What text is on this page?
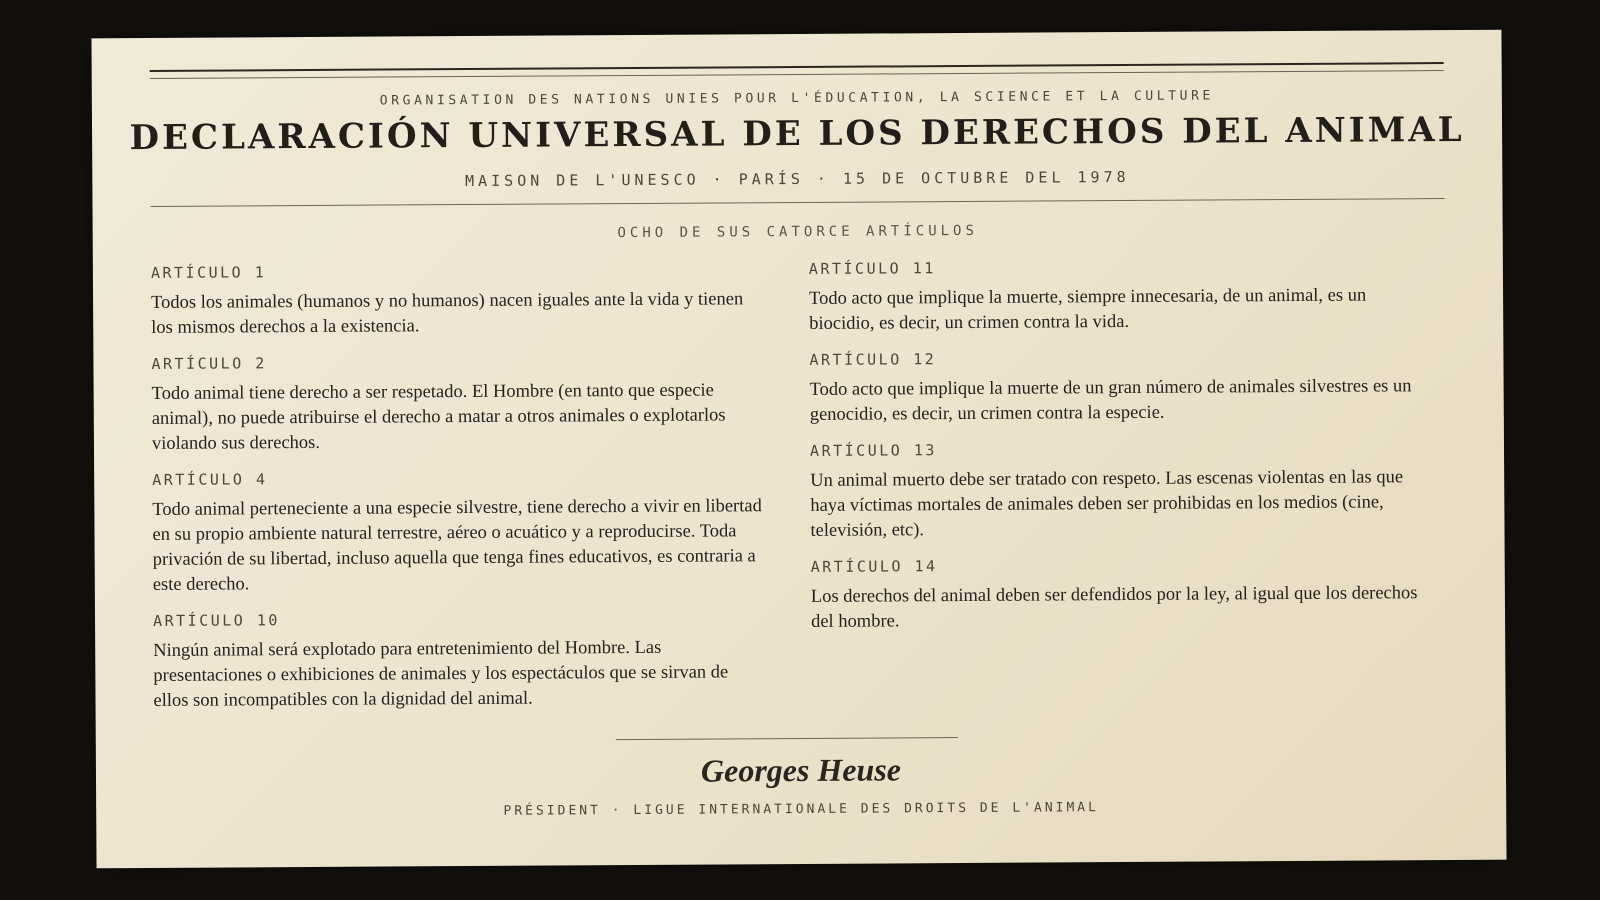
ORGANISATION DES NATIONS UNIES POUR L'ÉDUCATION, LA SCIENCE ET LA CULTURE
DECLARACIÓN UNIVERSAL DE LOS DERECHOS DEL ANIMAL
MAISON DE L'UNESCO · PARÍS · 15 DE OCTUBRE DEL 1978
OCHO DE SUS CATORCE ARTÍCULOS
ARTÍCULO 1
Todos los animales (humanos y no humanos) nacen iguales ante la vida y tienen los mismos derechos a la existencia.
ARTÍCULO 2
Todo animal tiene derecho a ser respetado. El Hombre (en tanto que especie animal), no puede atribuirse el derecho a matar a otros animales o explotarlos violando sus derechos.
ARTÍCULO 4
Todo animal perteneciente a una especie silvestre, tiene derecho a vivir en libertad en su propio ambiente natural terrestre, aéreo o acuático y a reproducirse. Toda privación de su libertad, incluso aquella que tenga fines educativos, es contraria a este derecho.
ARTÍCULO 10
Ningún animal será explotado para entretenimiento del Hombre. Las presentaciones o exhibiciones de animales y los espectáculos que se sirvan de ellos son incompatibles con la dignidad del animal.
ARTÍCULO 11
Todo acto que implique la muerte, siempre innecesaria, de un animal, es un biocidio, es decir, un crimen contra la vida.
ARTÍCULO 12
Todo acto que implique la muerte de un gran número de animales silvestres es un genocidio, es decir, un crimen contra la especie.
ARTÍCULO 13
Un animal muerto debe ser tratado con respeto. Las escenas violentas en las que haya víctimas mortales de animales deben ser prohibidas en los medios (cine, televisión, etc).
ARTÍCULO 14
Los derechos del animal deben ser defendidos por la ley, al igual que los derechos del hombre.
Georges Heuse
PRÉSIDENT · LIGUE INTERNATIONALE DES DROITS DE L'ANIMAL
